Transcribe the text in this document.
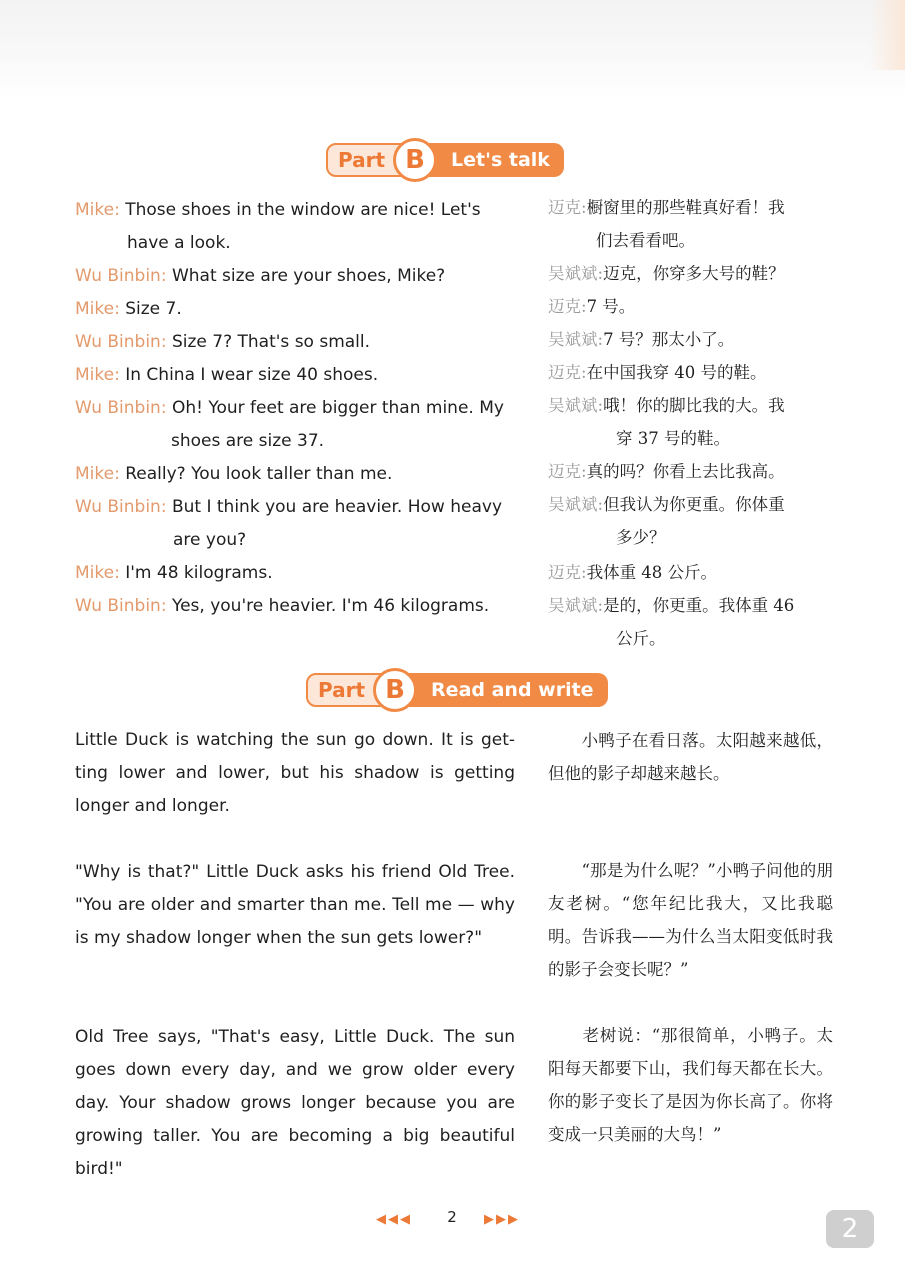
Part B	Let's talk
Mike: Those shoes in the window are nice! Let's
have a look.
Wu Binbin: What size are your shoes, Mike?
Mike: Size 7.
Wu Binbin: Size 7? That's so small.
Mike: In China I wear size 40 shoes.
Wu Binbin: Oh! Your feet are bigger than mine. My
shoes are size 37.
Mike: Really? You look taller than me.
Wu Binbin: But I think you are heavier. How heavy
are you?
Mike: I'm 48 kilograms.
Wu Binbin: Yes, you're heavier. I'm 46 kilograms.
迈克:橱窗里的那些鞋真好看！我
们去看看吧。
吴斌斌:迈克，你穿多大号的鞋？
迈克:7 号。
吴斌斌:7 号？那太小了。
迈克:在中国我穿 40 号的鞋。
吴斌斌:哦！你的脚比我的大。我
穿 37 号的鞋。
迈克:真的吗？你看上去比我高。
吴斌斌:但我认为你更重。你体重
多少？
迈克:我体重 48 公斤。
吴斌斌:是的，你更重。我体重 46
公斤。
Part B	Read and write
Little Duck is watching the sun go down. It is get-ting lower and lower, but his shadow is getting longer and longer.
"Why is that?" Little Duck asks his friend Old Tree. "You are older and smarter than me. Tell me — why is my shadow longer when the sun gets lower?"
Old Tree says, "That's easy, Little Duck. The sun goes down every day, and we grow older every day. Your shadow grows longer because you are growing taller. You are becoming a big beautiful bird!"
　　小鸭子在看日落。太阳越来越低，但他的影子却越来越长。
　　“那是为什么呢？”小鸭子问他的朋友老树。“您年纪比我大，又比我聪明。告诉我——为什么当太阳变低时我的影子会变长呢？”
　　老树说：“那很简单，小鸭子。太阳每天都要下山，我们每天都在长大。你的影子变长了是因为你长高了。你将变成一只美丽的大鸟！”
◀◀◀	2	▶▶▶	2
